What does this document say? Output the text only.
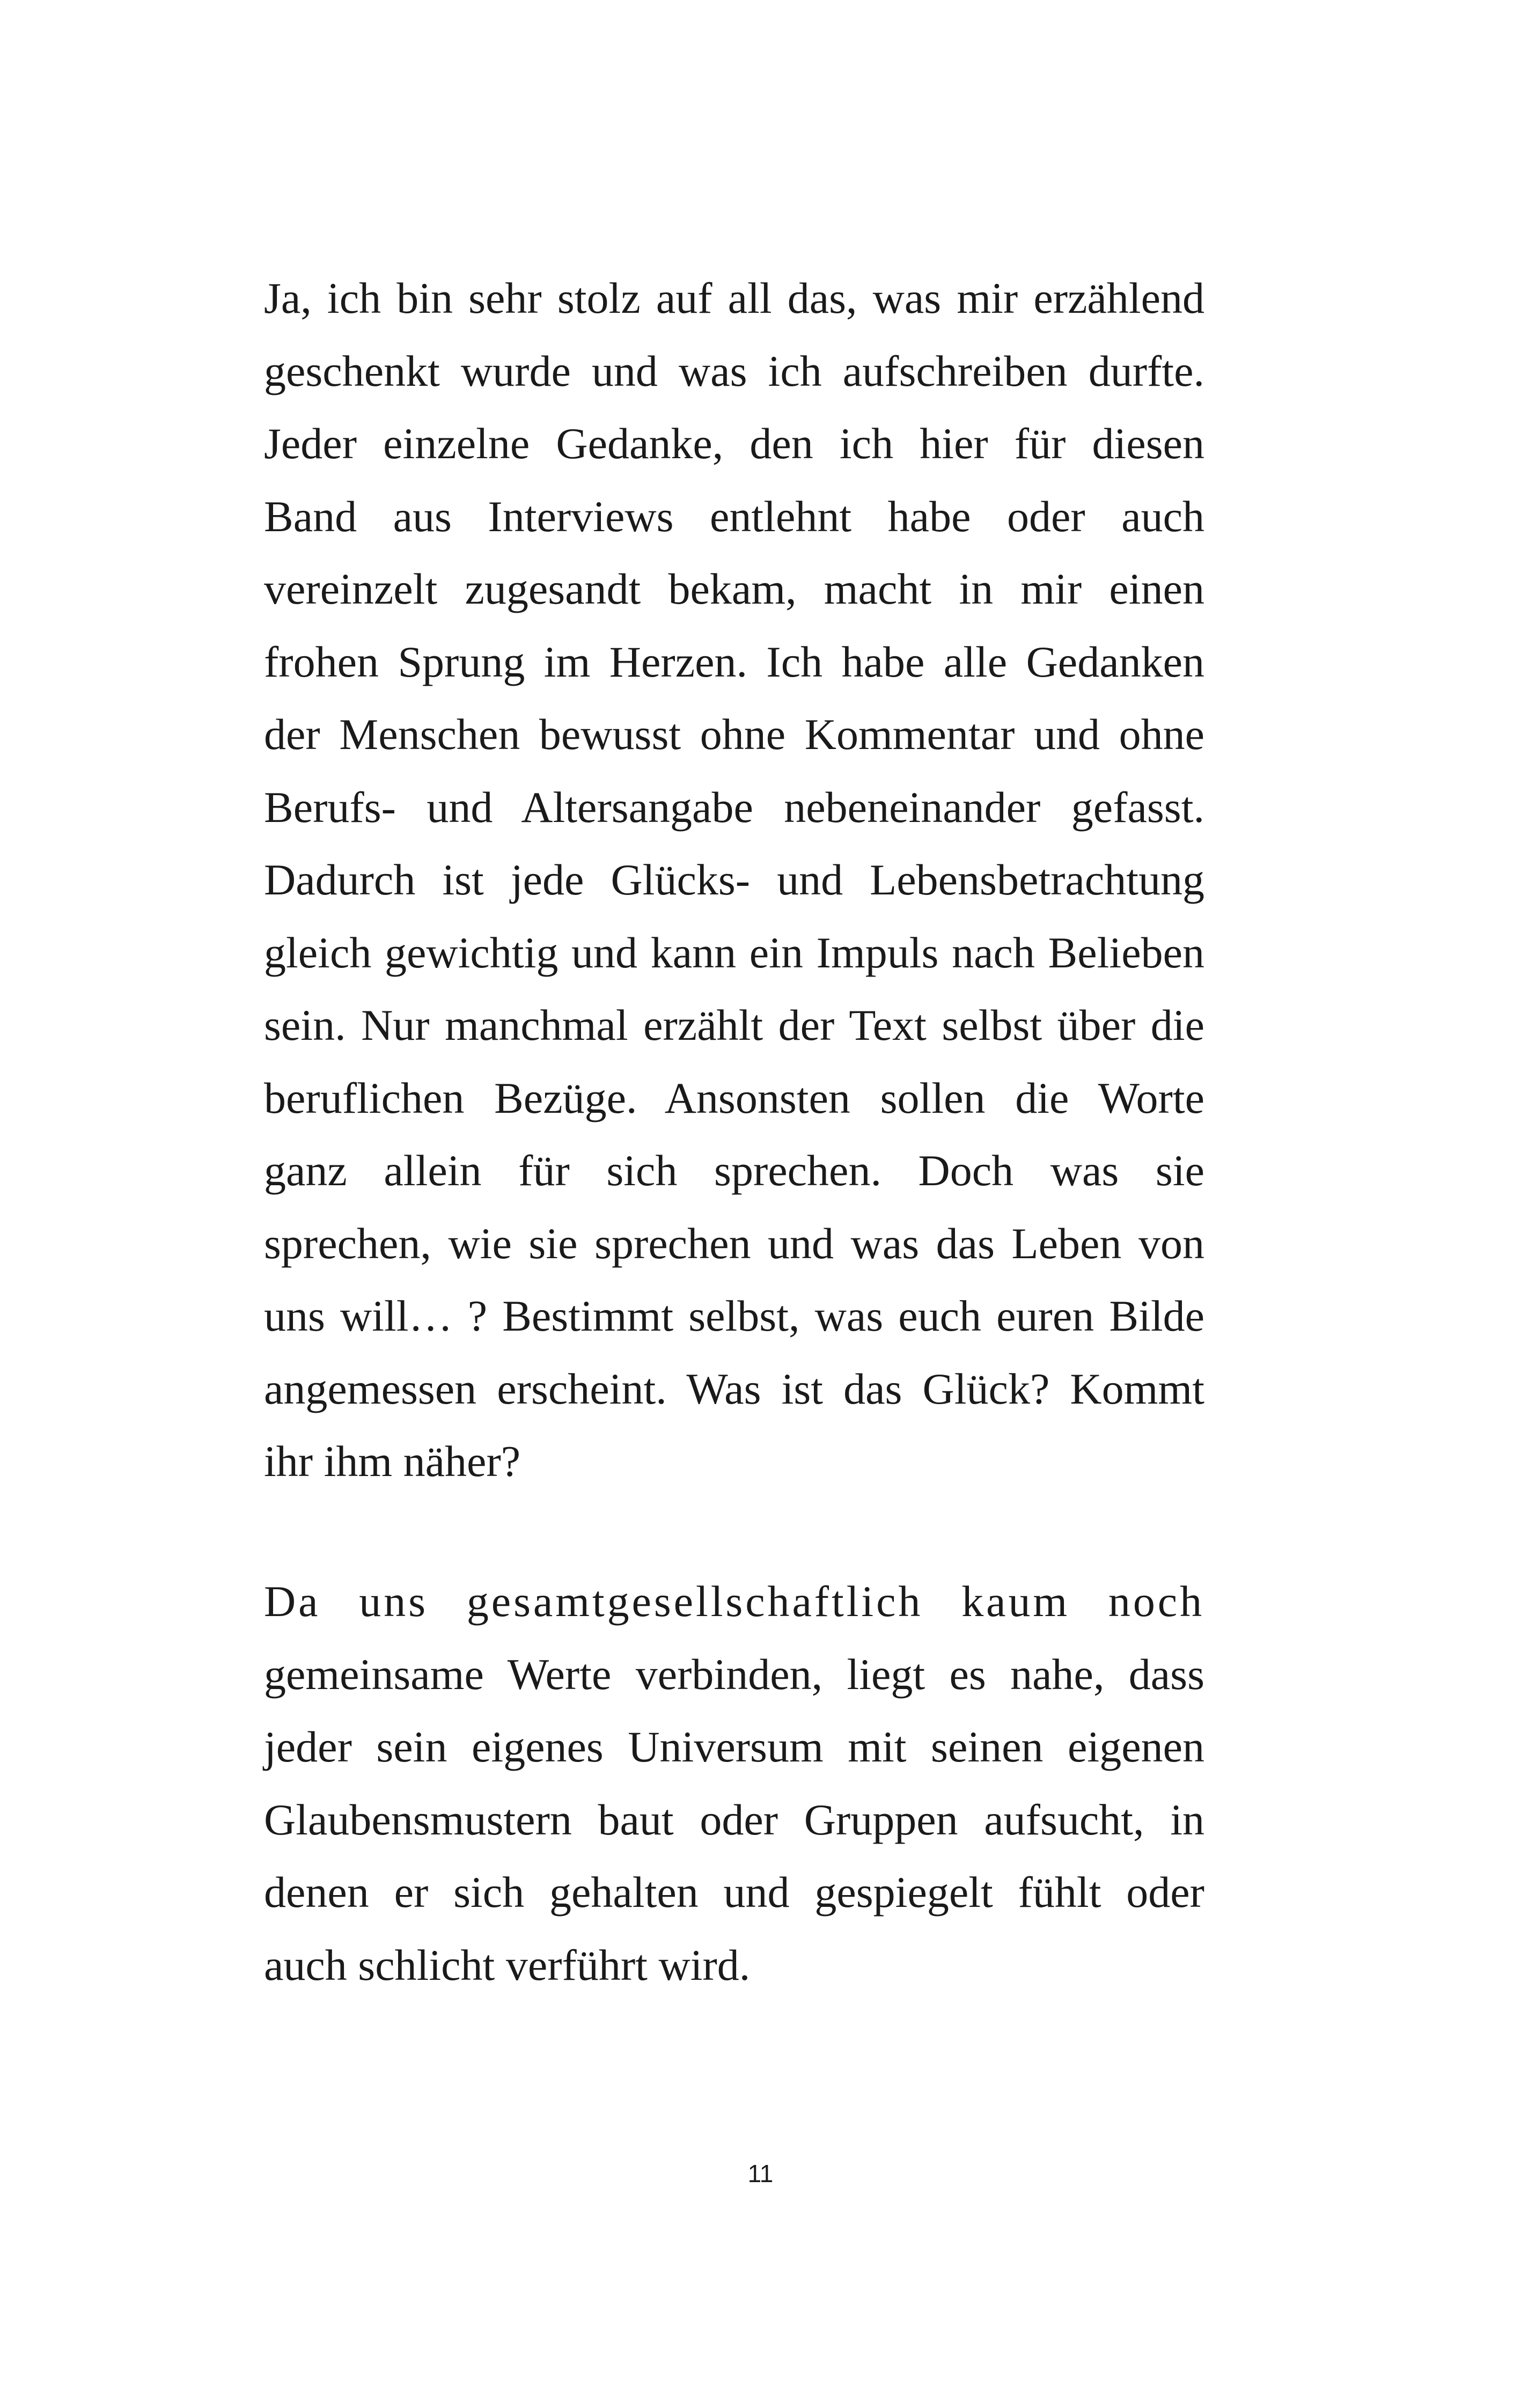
Ja, ich bin sehr stolz auf all das, was mir erzählend
geschenkt wurde und was ich aufschreiben durfte.
Jeder einzelne Gedanke, den ich hier für diesen
Band aus Interviews entlehnt habe oder auch
vereinzelt zugesandt bekam, macht in mir einen
frohen Sprung im Herzen. Ich habe alle Gedanken
der Menschen bewusst ohne Kommentar und ohne
Berufs- und Altersangabe nebeneinander gefasst.
Dadurch ist jede Glücks- und Lebensbetrachtung
gleich gewichtig und kann ein Impuls nach Belieben
sein. Nur manchmal erzählt der Text selbst über die
beruflichen Bezüge. Ansonsten sollen die Worte
ganz allein für sich sprechen. Doch was sie
sprechen, wie sie sprechen und was das Leben von
uns will… ? Bestimmt selbst, was euch euren Bilde
angemessen erscheint. Was ist das Glück? Kommt
ihr ihm näher?
Da uns gesamtgesellschaftlich kaum noch
gemeinsame Werte verbinden, liegt es nahe, dass
jeder sein eigenes Universum mit seinen eigenen
Glaubensmustern baut oder Gruppen aufsucht, in
denen er sich gehalten und gespiegelt fühlt oder
auch schlicht verführt wird.
11
